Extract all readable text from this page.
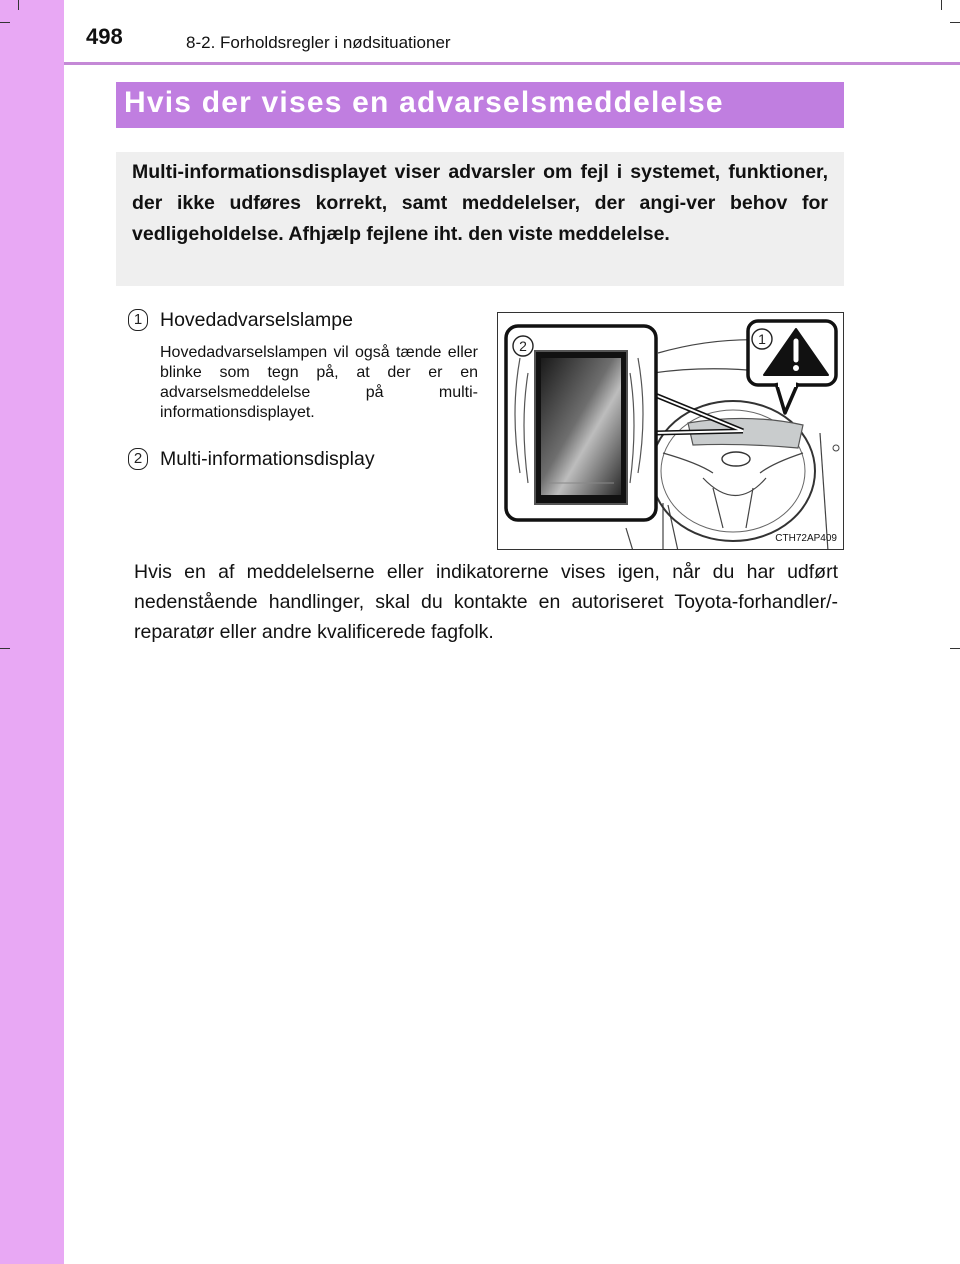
498	8-2. Forholdsregler i nødsituationer
Hvis der vises en advarselsmeddelelse

Multi-informationsdisplayet viser advarsler om fejl i systemet, funktioner, der ikke udføres korrekt, samt meddelelser, der angi-ver behov for vedligeholdelse. Afhjælp fejlene iht. den viste meddelelse.

1 Hovedadvarselslampe

Hovedadvarselslampen vil også tænde eller blinke som tegn på, at der er en advarselsmeddelelse på multi-informationsdisplayet.

2 Multi-informationsdisplay
2	1
CTH72AP409

Hvis en af meddelelserne eller indikatorerne vises igen, når du har udført nedenstående handlinger, skal du kontakte en autoriseret Toyota-forhandler/-reparatør eller andre kvalificerede fagfolk.
